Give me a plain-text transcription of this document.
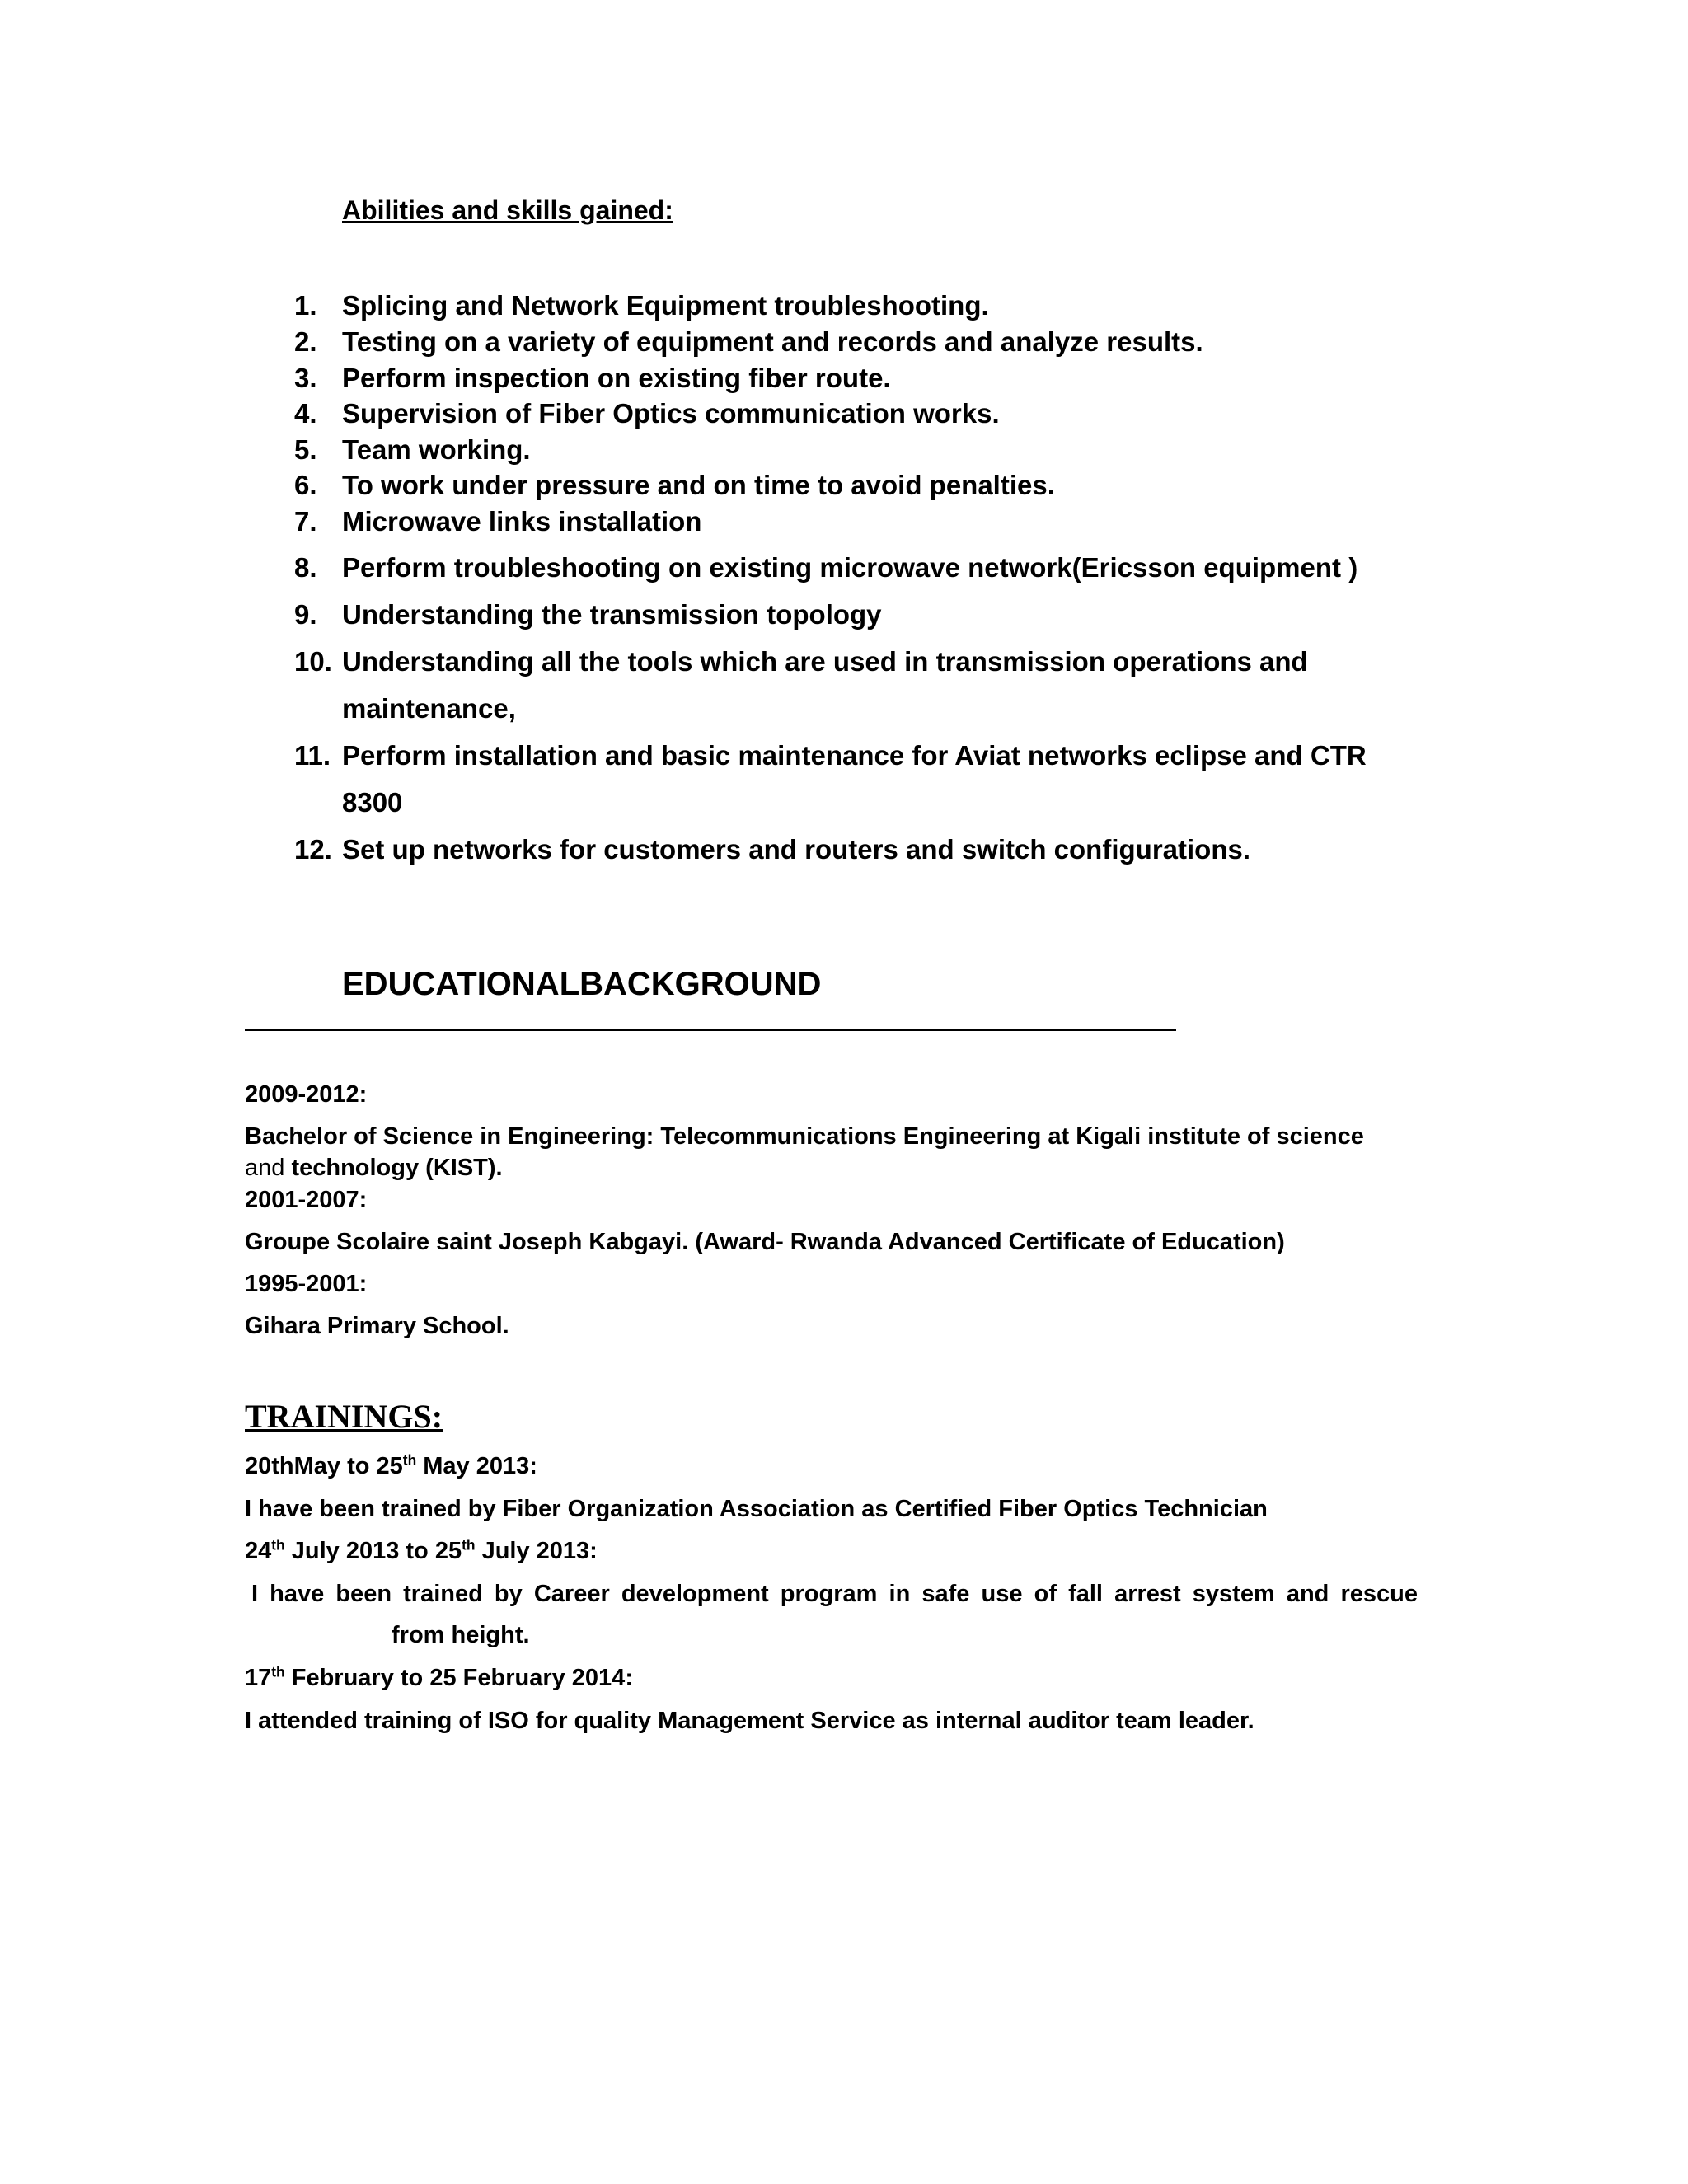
Abilities and skills gained:
1. Splicing and Network Equipment troubleshooting.
2. Testing on a variety of equipment and records and analyze results.
3. Perform inspection on existing fiber route.
4. Supervision of Fiber Optics communication works.
5. Team working.
6. To work under pressure and on time to avoid penalties.
7. Microwave links installation
8. Perform troubleshooting on existing microwave network(Ericsson equipment )
9. Understanding the transmission topology
10. Understanding all the tools which are used in transmission operations and
maintenance,
11. Perform installation and basic maintenance for Aviat networks eclipse and CTR
8300
12. Set up networks for customers and routers and switch configurations.
EDUCATIONALBACKGROUND
2009-2012:
Bachelor of Science in Engineering: Telecommunications Engineering at Kigali institute of science
and technology (KIST).
2001-2007:
Groupe Scolaire saint Joseph Kabgayi. (Award- Rwanda Advanced Certificate of Education)
1995-2001:
Gihara Primary School.
TRAININGS:
20thMay to 25th May 2013:
I have been trained by Fiber Organization Association as Certified Fiber Optics Technician
24th July 2013 to 25th July 2013:
I have been trained by Career development program in safe use of fall arrest system and rescue
from height.
17th February to 25 February 2014:
I attended training of ISO for quality Management Service as internal auditor team leader.
